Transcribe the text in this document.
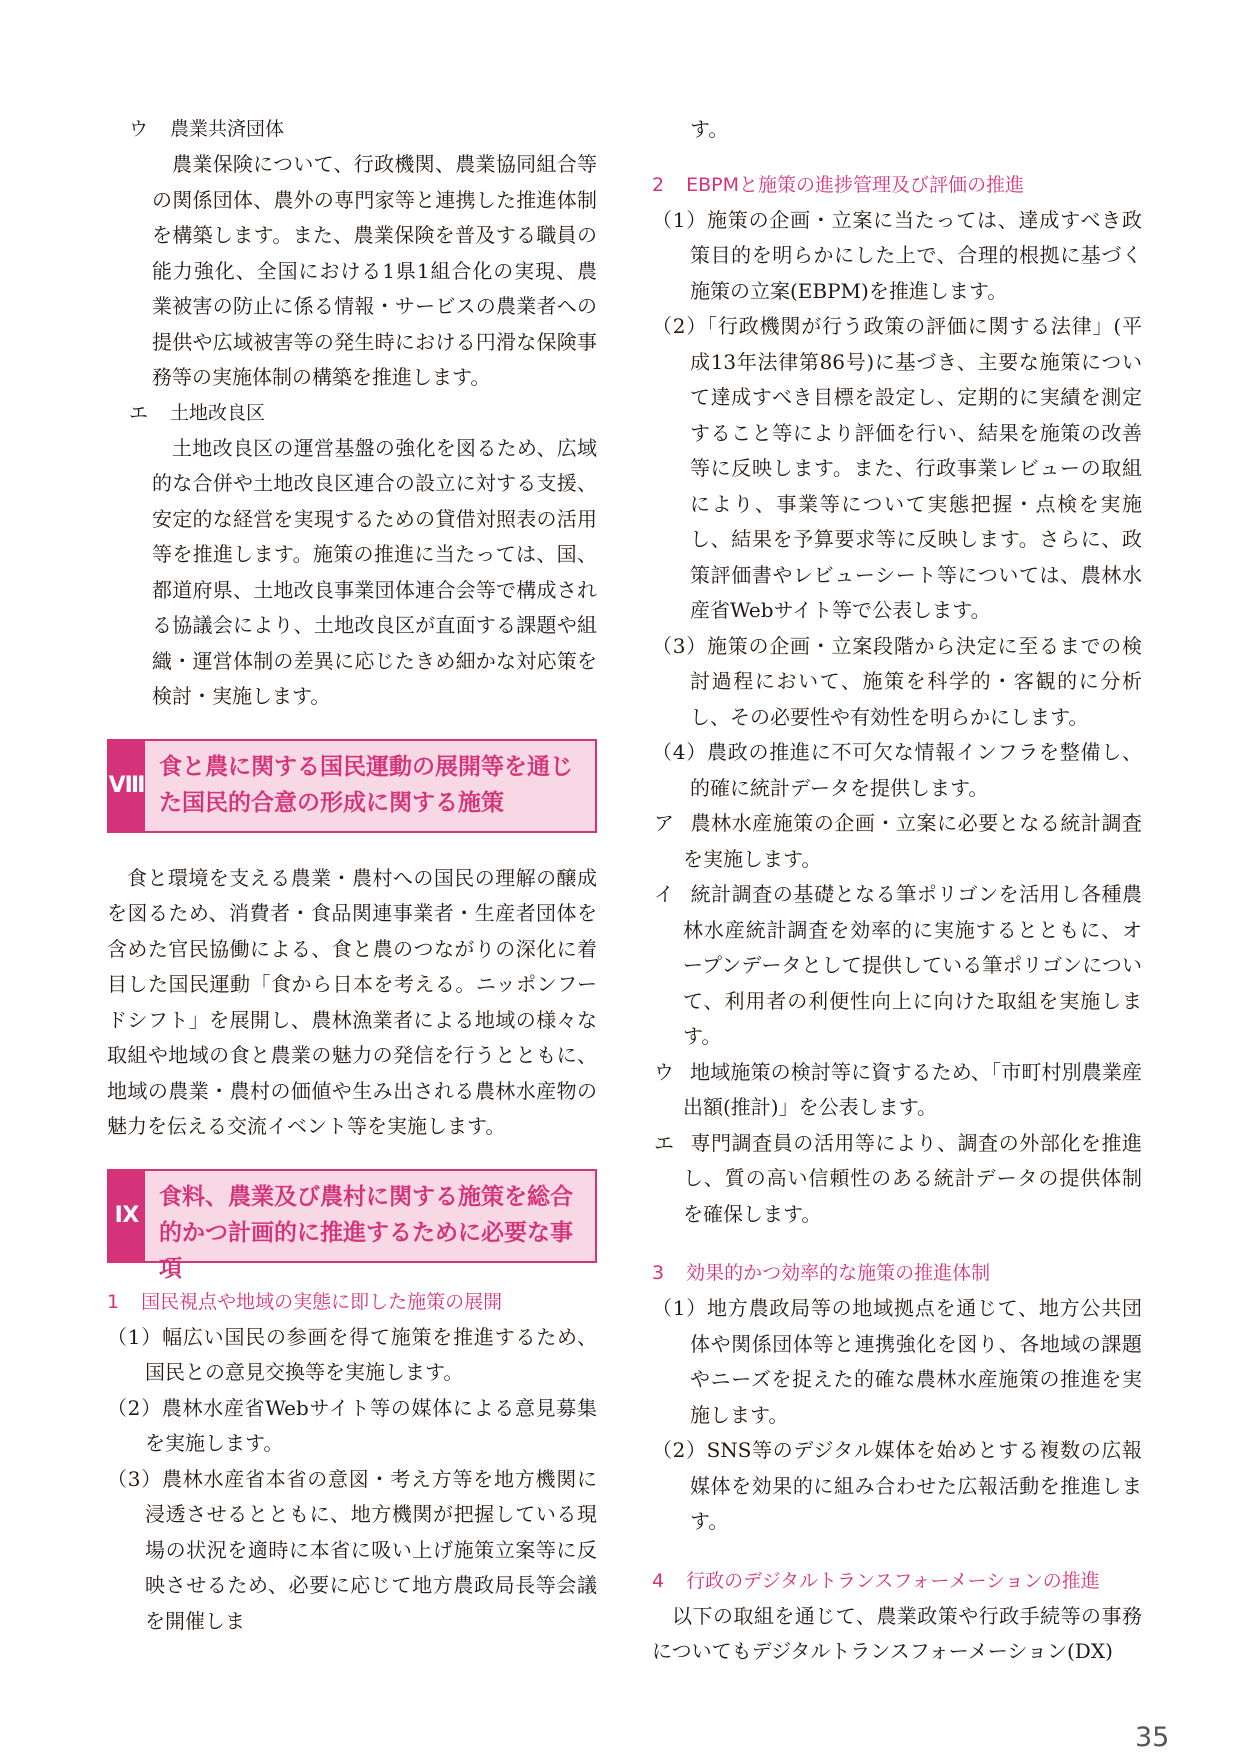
ウ 農業共済団体

農業保険について、行政機関、農業協同組合等の関係団体、農外の専門家等と連携した推進体制を構築します。また、農業保険を普及する職員の能力強化、全国における1県1組合化の実現、農業被害の防止に係る情報・サービスの農業者への提供や広域被害等の発生時における円滑な保険事務等の実施体制の構築を推進します。

エ 土地改良区

土地改良区の運営基盤の強化を図るため、広域的な合併や土地改良区連合の設立に対する支援、安定的な経営を実現するための貸借対照表の活用等を推進します。施策の推進に当たっては、国、都道府県、土地改良事業団体連合会等で構成される協議会により、土地改良区が直面する課題や組織・運営体制の差異に応じたきめ細かな対応策を検討・実施します。

Ⅷ
食と農に関する国民運動の展開等を通じた国民的合意の形成に関する施策

食と環境を支える農業・農村への国民の理解の醸成を図るため、消費者・食品関連事業者・生産者団体を含めた官民協働による、食と農のつながりの深化に着目した国民運動「食から日本を考える。ニッポンフードシフト」を展開し、農林漁業者による地域の様々な取組や地域の食と農業の魅力の発信を行うとともに、地域の農業・農村の価値や生み出される農林水産物の魅力を伝える交流イベント等を実施します。

Ⅸ
食料、農業及び農村に関する施策を総合的かつ計画的に推進するために必要な事項

1 国民視点や地域の実態に即した施策の展開

（1）幅広い国民の参画を得て施策を推進するため、国民との意見交換等を実施します。

（2）農林水産省Webサイト等の媒体による意見募集を実施します。

（3）農林水産省本省の意図・考え方等を地方機関に浸透させるとともに、地方機関が把握している現場の状況を適時に本省に吸い上げ施策立案等に反映させるため、必要に応じて地方農政局長等会議を開催しま

す。

2 EBPMと施策の進捗管理及び評価の推進

（1）施策の企画・立案に当たっては、達成すべき政策目的を明らかにした上で、合理的根拠に基づく施策の立案(EBPM)を推進します。

（2）「行政機関が行う政策の評価に関する法律」(平成13年法律第86号)に基づき、主要な施策について達成すべき目標を設定し、定期的に実績を測定すること等により評価を行い、結果を施策の改善等に反映します。また、行政事業レビューの取組により、事業等について実態把握・点検を実施し、結果を予算要求等に反映します。さらに、政策評価書やレビューシート等については、農林水産省Webサイト等で公表します。

（3）施策の企画・立案段階から決定に至るまでの検討過程において、施策を科学的・客観的に分析し、その必要性や有効性を明らかにします。

（4）農政の推進に不可欠な情報インフラを整備し、的確に統計データを提供します。

ア 農林水産施策の企画・立案に必要となる統計調査を実施します。

イ 統計調査の基礎となる筆ポリゴンを活用し各種農林水産統計調査を効率的に実施するとともに、オープンデータとして提供している筆ポリゴンについて、利用者の利便性向上に向けた取組を実施します。

ウ 地域施策の検討等に資するため、「市町村別農業産出額(推計)」を公表します。

エ 専門調査員の活用等により、調査の外部化を推進し、質の高い信頼性のある統計データの提供体制を確保します。

3 効果的かつ効率的な施策の推進体制

（1）地方農政局等の地域拠点を通じて、地方公共団体や関係団体等と連携強化を図り、各地域の課題やニーズを捉えた的確な農林水産施策の推進を実施します。

（2）SNS等のデジタル媒体を始めとする複数の広報媒体を効果的に組み合わせた広報活動を推進します。

4 行政のデジタルトランスフォーメーションの推進

以下の取組を通じて、農業政策や行政手続等の事務についてもデジタルトランスフォーメーション(DX)

35
